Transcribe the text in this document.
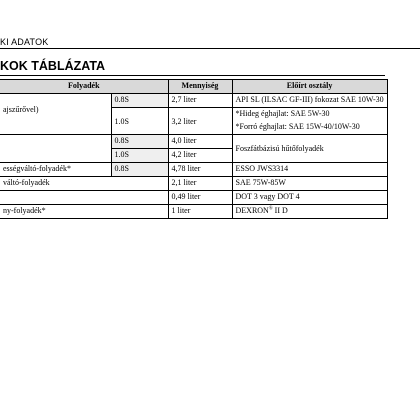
KI ADATOK
KOK TÁBLÁZATA
Folyadék		Mennyiség	Előírt osztály

ajszűrővel)	0.8S	2,7 liter	API SL (ILSAC GF-III) fokozat SAE 10W-30
	1.0S	3,2 liter	*Hideg éghajlat: SAE 5W-30
			*Forró éghajlat: SAE 15W-40/10W-30
	0.8S	4,0 liter	Foszfátbázisú hűtőfolyadék
	1.0S	4,2 liter	
ességváltó-folyadék*	0.8S	4,78 liter	ESSO JWS3314
váltó-folyadék		2,1 liter	SAE 75W-85W
		0,49 liter	DOT 3 vagy DOT 4
ny-folyadék*		1 liter	DEXRON® II D
